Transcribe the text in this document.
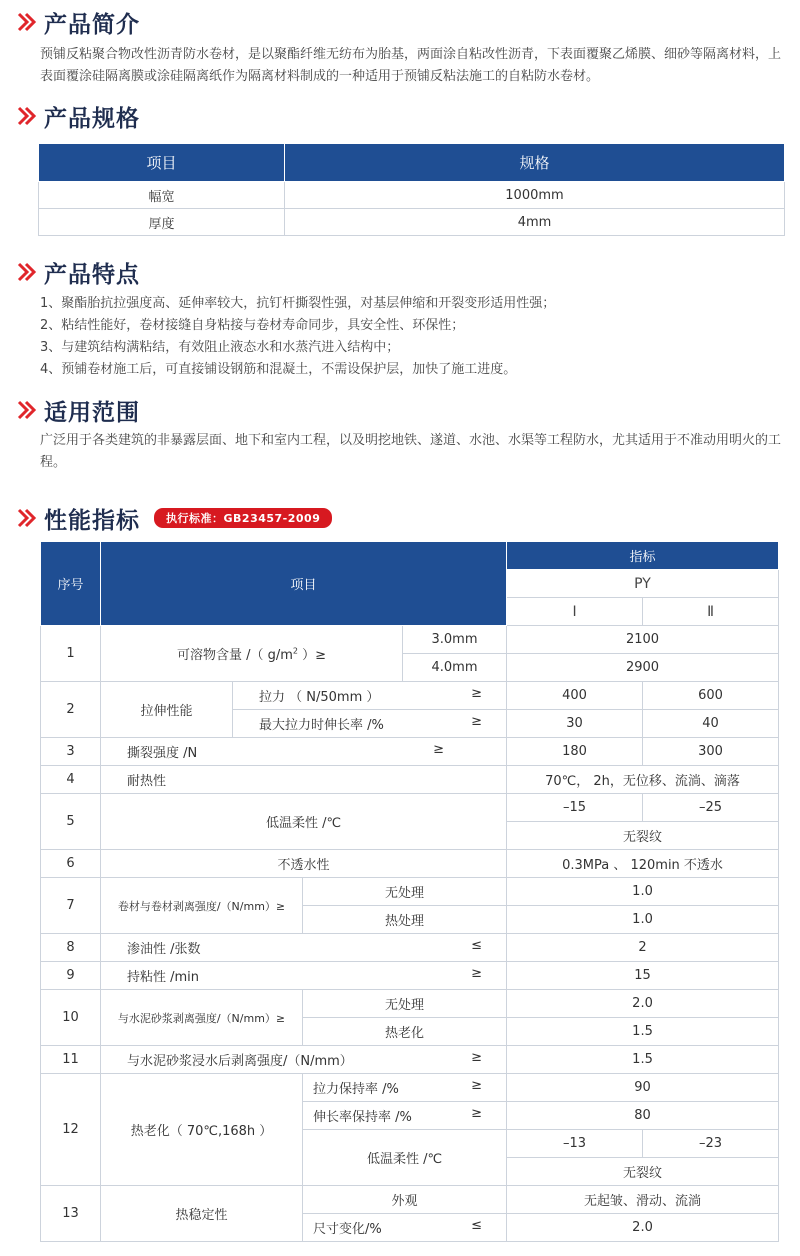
产品简介

预铺反粘聚合物改性沥青防水卷材，是以聚酯纤维无纺布为胎基，两面涂自粘改性沥青，下表面覆聚乙烯膜、细砂等隔离材料，上表面覆涂硅隔离膜或涂硅隔离纸作为隔离材料制成的一种适用于预铺反粘法施工的自粘防水卷材。

产品规格
项目	规格
幅宽	1000mm
厚度	4mm
产品特点
1、聚酯胎抗拉强度高、延伸率较大，抗钉杆撕裂性强，对基层伸缩和开裂变形适用性强；
2、粘结性能好，卷材接缝自身粘接与卷材寿命同步，具安全性、环保性；
3、与建筑结构满粘结，有效阻止液态水和水蒸汽进入结构中；
4、预铺卷材施工后，可直接铺设钢筋和混凝土，不需设保护层，加快了施工进度。
适用范围

广泛用于各类建筑的非暴露层面、地下和室内工程，以及明挖地铁、遂道、水池、水渠等工程防水，尤其适用于不准动用明火的工程。

性能指标	执行标准：GB23457-2009
序号	项目				指标	
					PY	
					Ⅰ	Ⅱ
1	可溶物含量 /（ $g/m^2$ ）≥			3.0mm	2100	
				4.0mm	2900	
2	拉伸性能	拉力 （ N/50mm ） ≥			400	600
		最大拉力时伸长率 /% ≥			30	40
3	撕裂强度 /N ≥				180	300
4	耐热性				70℃， 2h，无位移、流淌、滴落	
5	低温柔性 /℃				–15	–25
					无裂纹	
6	不透水性				0.3MPa 、 120min 不透水	
7	卷材与卷材剥离强度/（N/mm）≥		无处理		1.0	
			热处理		1.0	
8	渗油性 /张数 ≤				2	
9	持粘性 /min ≥				15	
10	与水泥砂浆剥离强度/（N/mm）≥		无处理		2.0	
			热老化		1.5	
11	与水泥砂浆浸水后剥离强度/（N/mm） ≥				1.5	
12	热老化（ 70℃,168h ）		拉力保持率 /% ≥		90	
			伸长率保持率 /% ≥		80	
			低温柔性 /℃		–13	–23
					无裂纹	
13	热稳定性		外观		无起皱、滑动、流淌	
			尺寸变化/% ≤		2.0	
